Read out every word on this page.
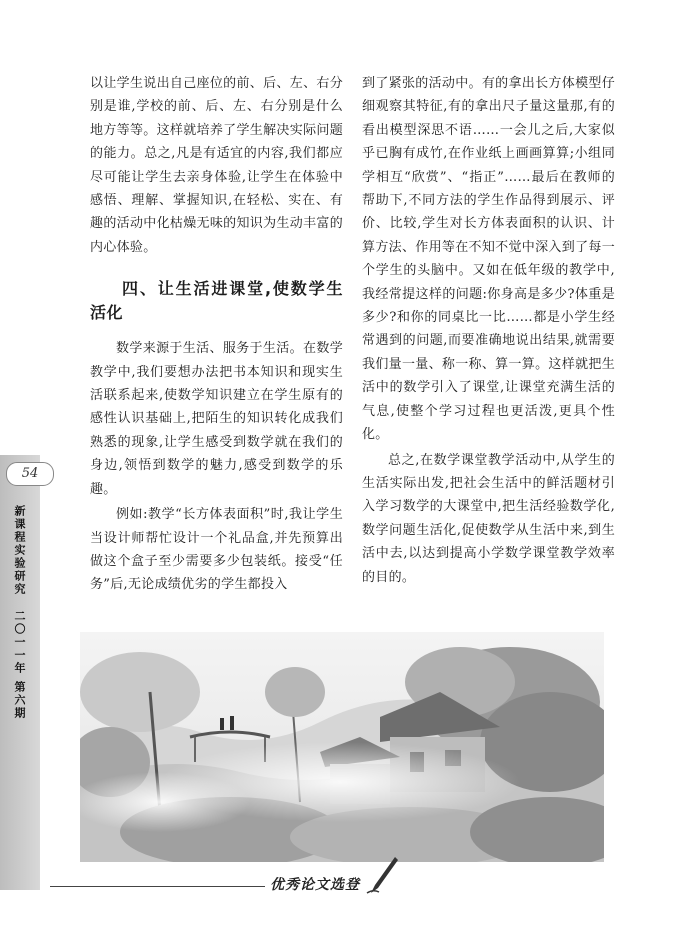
54
新课程实验研究
二〇一一年 第六期

以让学生说出自己座位的前、后、左、右分别是谁,学校的前、后、左、右分别是什么地方等等。这样就培养了学生解决实际问题的能力。总之,凡是有适宜的内容,我们都应尽可能让学生去亲身体验,让学生在体验中感悟、理解、掌握知识,在轻松、实在、有趣的活动中化枯燥无味的知识为生动丰富的内心体验。

四、让生活进课堂,使数学生活化

数学来源于生活、服务于生活。在数学教学中,我们要想办法把书本知识和现实生活联系起来,使数学知识建立在学生原有的感性认识基础上,把陌生的知识转化成我们熟悉的现象,让学生感受到数学就在我们的身边,领悟到数学的魅力,感受到数学的乐趣。

例如:教学“长方体表面积”时,我让学生当设计师帮忙设计一个礼品盒,并先预算出做这个盒子至少需要多少包装纸。接受“任务”后,无论成绩优劣的学生都投入

到了紧张的活动中。有的拿出长方体模型仔细观察其特征,有的拿出尺子量这量那,有的看出模型深思不语……一会儿之后,大家似乎已胸有成竹,在作业纸上画画算算;小组同学相互“欣赏”、“指正”……最后在教师的帮助下,不同方法的学生作品得到展示、评价、比较,学生对长方体表面积的认识、计算方法、作用等在不知不觉中深入到了每一个学生的头脑中。又如在低年级的教学中,我经常提这样的问题:你身高是多少?体重是多少?和你的同桌比一比……都是小学生经常遇到的问题,而要准确地说出结果,就需要我们量一量、称一称、算一算。这样就把生活中的数学引入了课堂,让课堂充满生活的气息,使整个学习过程也更活泼,更具个性化。

总之,在数学课堂教学活动中,从学生的生活实际出发,把社会生活中的鲜活题材引入学习数学的大课堂中,把生活经验数学化,数学问题生活化,促使数学从生活中来,到生活中去,以达到提高小学数学课堂教学效率的目的。

优秀论文选登
